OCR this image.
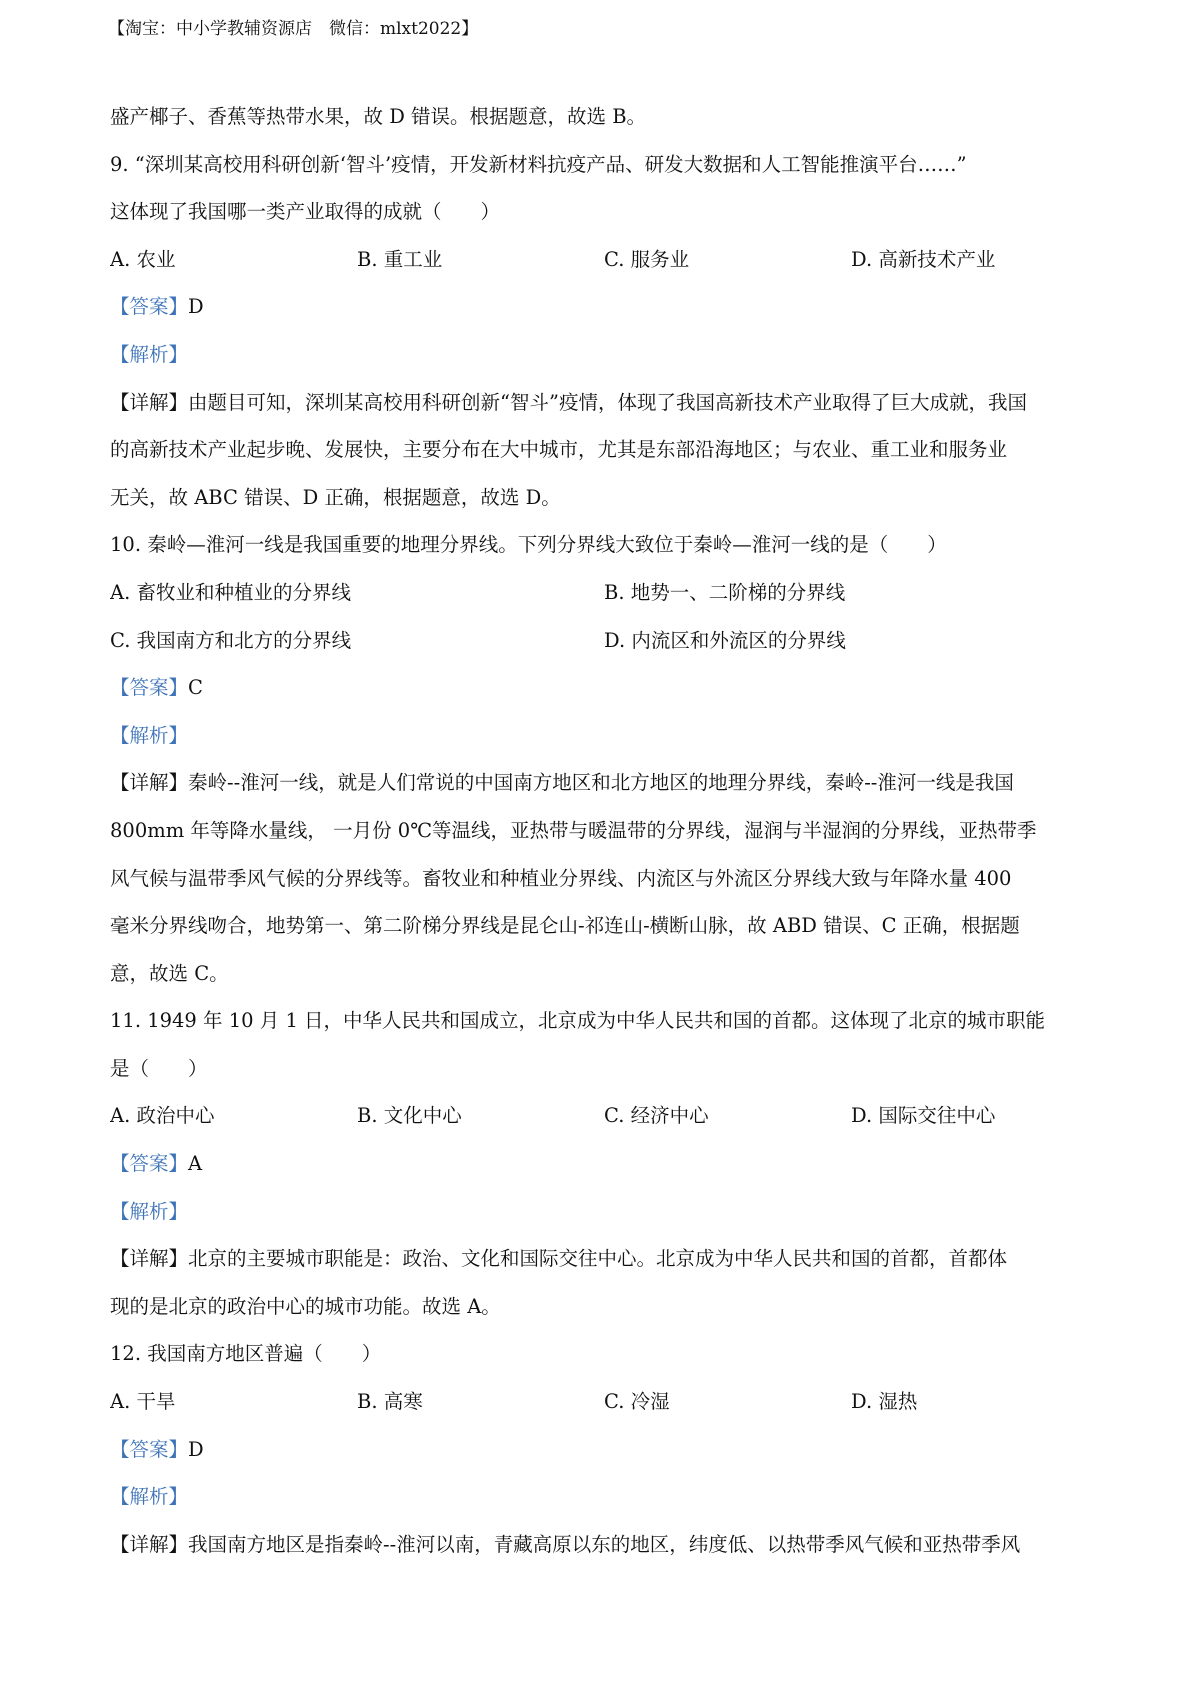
【淘宝：中小学教辅资源店　微信：mlxt2022】
盛产椰子、香蕉等热带水果，故 D 错误。根据题意，故选 B。
9. “深圳某高校用科研创新‘智斗’疫情，开发新材料抗疫产品、研发大数据和人工智能推演平台……”
这体现了我国哪一类产业取得的成就（　　）
A. 农业	B. 重工业	C. 服务业	D. 高新技术产业
【答案】D
【解析】
【详解】由题目可知，深圳某高校用科研创新“智斗”疫情，体现了我国高新技术产业取得了巨大成就，我国
的高新技术产业起步晚、发展快，主要分布在大中城市，尤其是东部沿海地区；与农业、重工业和服务业
无关，故 ABC 错误、D 正确，根据题意，故选 D。
10. 秦岭—淮河一线是我国重要的地理分界线。下列分界线大致位于秦岭—淮河一线的是（　　）
A. 畜牧业和种植业的分界线	B. 地势一、二阶梯的分界线
C. 我国南方和北方的分界线	D. 内流区和外流区的分界线
【答案】C
【解析】
【详解】秦岭--淮河一线，就是人们常说的中国南方地区和北方地区的地理分界线，秦岭--淮河一线是我国
800mm 年等降水量线， 一月份 0℃等温线，亚热带与暖温带的分界线，湿润与半湿润的分界线，亚热带季
风气候与温带季风气候的分界线等。畜牧业和种植业分界线、内流区与外流区分界线大致与年降水量 400
毫米分界线吻合，地势第一、第二阶梯分界线是昆仑山-祁连山-横断山脉，故 ABD 错误、C 正确，根据题
意，故选 C。
11. 1949 年 10 月 1 日，中华人民共和国成立，北京成为中华人民共和国的首都。这体现了北京的城市职能
是（　　）
A. 政治中心	B. 文化中心	C. 经济中心	D. 国际交往中心
【答案】A
【解析】
【详解】北京的主要城市职能是：政治、文化和国际交往中心。北京成为中华人民共和国的首都，首都体
现的是北京的政治中心的城市功能。故选 A。
12. 我国南方地区普遍（　　）
A. 干旱	B. 高寒	C. 冷湿	D. 湿热
【答案】D
【解析】
【详解】我国南方地区是指秦岭--淮河以南，青藏高原以东的地区，纬度低、以热带季风气候和亚热带季风
